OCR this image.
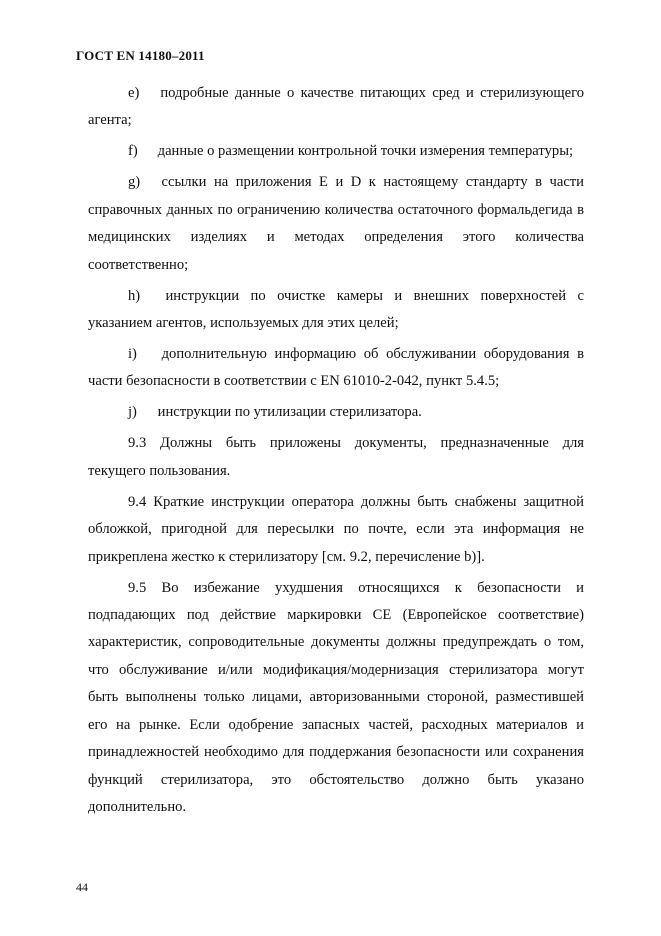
ГОСТ EN 14180–2011

e) подробные данные о качестве питающих сред и стерилизующего агента;

f) данные о размещении контрольной точки измерения температуры;

g) ссылки на приложения E и D к настоящему стандарту в части справочных данных по ограничению количества остаточного формальдегида в медицинских изделиях и методах определения этого количества соответственно;

h) инструкции по очистке камеры и внешних поверхностей с указанием агентов, используемых для этих целей;

i) дополнительную информацию об обслуживании оборудования в части безопасности в соответствии с EN 61010-2-042, пункт 5.4.5;

j) инструкции по утилизации стерилизатора.

9.3 Должны быть приложены документы, предназначенные для текущего пользования.

9.4 Краткие инструкции оператора должны быть снабжены защитной обложкой, пригодной для пересылки по почте, если эта информация не прикреплена жестко к стерилизатору [см. 9.2, перечисление b)].

9.5 Во избежание ухудшения относящихся к безопасности и подпадающих под действие маркировки CE (Европейское соответствие) характеристик, сопроводительные документы должны предупреждать о том, что обслуживание и/или модификация/модернизация стерилизатора могут быть выполнены только лицами, авторизованными стороной, разместившей его на рынке. Если одобрение запасных частей, расходных материалов и принадлежностей необходимо для поддержания безопасности или сохранения функций стерилизатора, это обстоятельство должно быть указано дополнительно.

44
